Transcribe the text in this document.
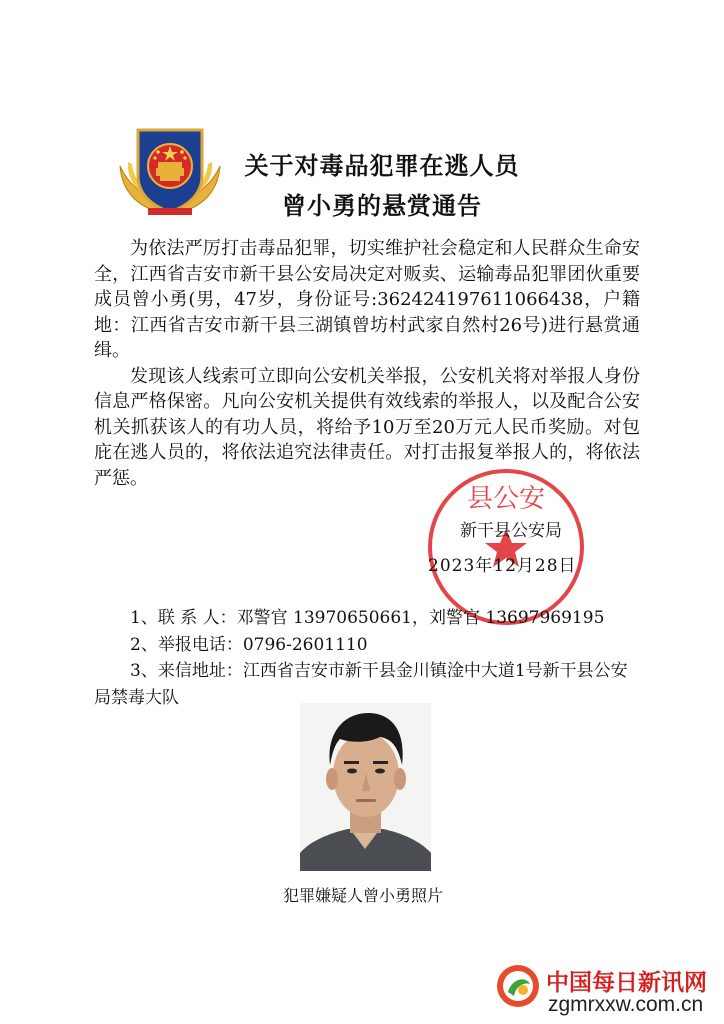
关于对毒品犯罪在逃人员
曾小勇的悬赏通告

为依法严厉打击毒品犯罪，切实维护社会稳定和人民群众生命安全，江西省吉安市新干县公安局决定对贩卖、运输毒品犯罪团伙重要成员曾小勇(男，47岁，身份证号:362424197611066438，户籍地：江西省吉安市新干县三湖镇曾坊村武家自然村26号)进行悬赏通缉。

发现该人线索可立即向公安机关举报，公安机关将对举报人身份信息严格保密。凡向公安机关提供有效线索的举报人，以及配合公安机关抓获该人的有功人员，将给予10万至20万元人民币奖励。对包庇在逃人员的，将依法追究法律责任。对打击报复举报人的，将依法严惩。

县公安
新干县公安局
2023年12月28日
1、联 系 人：邓警官 13970650661，刘警官 13697969195
2、举报电话：0796-2601110
3、来信地址：江西省吉安市新干县金川镇淦中大道1号新干县公安局禁毒大队
犯罪嫌疑人曾小勇照片
中国每日新讯网
zgmrxxw.com.cn
